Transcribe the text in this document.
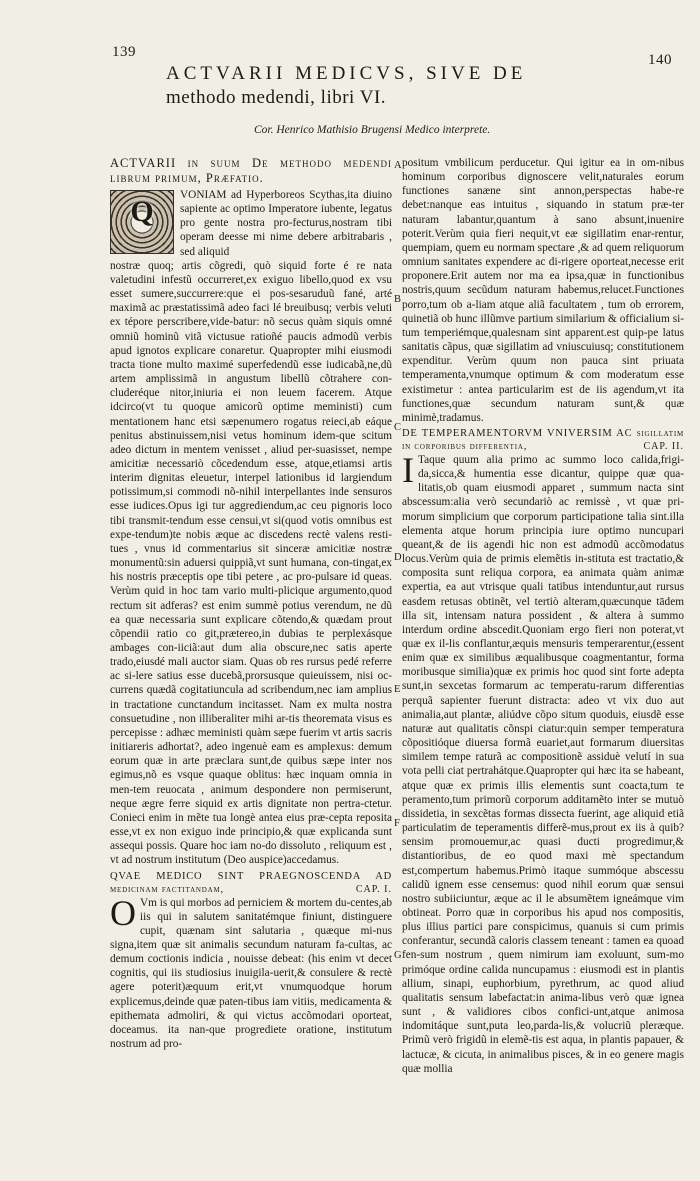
139	140
ACTVARII MEDICVS, SIVE DE
methodo medendi, libri VI.
Cor. Henrico Mathisio Brugensi Medico interprete.
ACTVARII in suum De methodo medendi librum primum, Præfatio.
Q	VONIAM ad Hyperboreos Scythas,ita diuino sapiente ac optimo Imperatore iubente, legatus pro gente nostra pro-fecturus,nostram tibi operam deesse mi nime debere arbitrabaris , sed aliquid

nostræ quoq; artis cõgredi, quò siquid forte é re nata valetudini infestũ occurreret,ex exiguo libello,quod ex vsu esset sumere,succurrere:que ei pos-sesaruduũ fané, arté maximã ac præstatissimã adeo faci lé breuibusq; verbis veluti ex tépore perscribere,vide-batur: nõ secus quàm siquis omné omniũ hominũ vitã victusue ratioñé paucis admodũ verbis apud ignotos explicare conaretur. Quapropter mihi eiusmodi tracta tione multo maximé superfedendũ esse iudicabã,ne,dũ artem amplissimã in angustum libellũ cõtrahere con-cluderéque nitor,iniuria ei non leuem facerem. Atque idcirco(vt tu quoque amicorũ optime meministi) cum mentationem hanc etsi sæpenumero rogatus reieci,ab eáque penitus abstinuissem,nisi vetus hominum idem-que scitum adeo dictum in mentem venisset , aliud per-suasisset, nempe amicitiæ necessariò cõcedendum esse, atque,etiamsi artis interim dignitas eleuetur, interpel lationibus id largiendum potissimum,si commodi nõ-nihil interpellantes inde sensuros esse iudices.Opus igi tur aggrediendum,ac ceu pignoris loco tibi transmit-tendum esse censui,vt si(quod votis omnibus est expe-tendum)te nobis æque ac discedens rectè valens resti-tues , vnus id commentarius sit sinceræ amicitiæ nostræ monumentũ:sin aduersi quippiã,vt sunt humana, con-tingat,ex his nostris præceptis ope tibi petere , ac pro-pulsare id queas. Verùm quid in hoc tam vario multi-plicique argumento,quod rectum sit adferas? est enim summè potius verendum, ne dũ ea quæ necessaria sunt explicare cõtendo,& quædam prout cõpendii ratio co git,prætereo,in dubias te perplexásque ambages con-iiciã:aut dum alia obscure,nec satis aperte trado,eiusdé mali auctor siam. Quas ob res rursus pedé referre ac si-lere satius esse ducebã,prorsusque quieuissem, nisi oc-currens quædã cogitatiuncula ad scribendum,nec iam amplius in tractatione cunctandum incitasset. Nam ex multa nostra consuetudine , non illiberaliter mihi ar-tis theoremata visus es percepisse : adhæc meministi quàm sæpe fuerim vt artis sacris initiareris adhortat?, adeo ingenuè eam es amplexus: demum eorum quæ in arte præclara sunt,de quibus sæpe inter nos egimus,nõ es vsque quaque oblitus: hæc inquam omnia in men-tem reuocata , animum despondere non permiserunt, neque ægre ferre siquid ex artis dignitate non pertra-ctetur. Conieci enim in mẽte tua longè antea eius præ-cepta reposita esse,vt ex non exiguo inde principio,& quæ explicanda sunt assequi possis. Quare hoc iam no-do dissoluto , reliquum est , vt ad nostrum institutum (Deo auspice)accedamus.

QVAE MEDICO SINT PRAEGNOSCENDA AD medicinam factitandam,	CAP. I.
O Vm is qui morbos ad perniciem & mortem du-centes,ab iis qui in salutem sanitatémque finiunt, distinguere cupit, quænam sint salutaria , quæque mi-nus signa,item quæ sit animalis secundum naturam fa-cultas, ac demum coctionis indicia , nouisse debeat: (his enim vt decet cognitis, qui iis studiosius inuigila-uerit,& consulere & rectè agere poterit)æquum erit,vt vnumquodque horum explicemus,deinde quæ paten-tibus iam vitiis, medicamenta & epithemata admoliri, & qui victus accõmodari oporteat, doceamus. ita nan-que progrediete oratione, institutum nostrum ad pro-

positum vmbilicum perducetur. Qui igitur ea in om-nibus hominum corporibus dignoscere velit,naturales eorum functiones sanæne sint annon,perspectas habe-re debet:nanque eas intuitus , siquando in statum præ-ter naturam labantur,quantum à sano absunt,inuenire poterit.Verùm quia fieri nequit,vt eæ sigillatim enar-rentur, quempiam, quem eu normam spectare ,& ad quem reliquorum omnium sanitates expendere ac di-rigere oporteat,necesse erit proponere.Erit autem nor ma ea ipsa,quæ in functionibus nostris,quum secũdum naturam habemus,relucet.Functiones porro,tum ob a-liam atque aliã facultatem , tum ob errorem, quinetiã ob hunc illũmve partium similarium & officialium si-tum temperiémque,qualesnam sint apparent.est quip-pe latus sanitatis cãpus, quæ sigillatim ad vniuscuiusq; constitutionem expenditur. Verùm quum non pauca sint priuata temperamenta,vnumque optimum & com moderatum esse existimetur : antea particularim est de iis agendum,vt ita functiones,quæ secundum naturam sunt,& quæ minimè,tradamus.

DE TEMPERAMENTORVM VNIVERSIM AC sigillatim in corporibus differentia,	CAP. II.
I Taque quum alia primo ac summo loco calida,frigi-da,sicca,& humentia esse dicantur, quippe quæ qua-litatis,ob quam eiusmodi apparet , summum nacta sint abscessum:alia verò secundariò ac remissè , vt quæ pri-morum simplicium que corporum participatione talia sint.illa elementa atque horum principia iure optimo nuncupari queant,& de iis agendi hic non est admodũ accõmodatus locus.Verùm quia de primis elemẽtis in-stituta est tractatio,& composita sunt reliqua corpora, ea animata quàm animæ expertia, ea aut vtrisque quali tatibus intenduntur,aut rursus easdem retusas obtinẽt, vel tertiò alteram,quæcunque tādem illa sit, intensam natura possident , & altera à summo interdum ordine abscedit.Quoniam ergo fieri non poterat,vt quæ ex il-lis conflantur,æquis mensuris temperarentur,(essent enim quæ ex similibus æqualibusque coagmentantur, forma moribusque similia)quæ ex primis hoc quod sint forte adepta sunt,in sexcetas formarum ac temperatu-rarum differentias perquã sapienter fuerunt distracta: adeo vt vix duo aut animalia,aut plantæ, aliúdve cõpo situm quoduis, eiusdẽ esse naturæ aut qualitatis cõnspi ciatur:quin semper temperatura cõpositióque diuersa formã euariet,aut formarum diuersitas similem tempe raturã ac compositionẽ assiduè velutí in sua vota pelli ciat pertrahátque.Quapropter qui hæc ita se habeant, atque quæ ex primis illis elementis sunt coacta,tum te peramento,tum primorũ corporum additamẽto inter se mutuò dissidetia, in sexcẽtas formas dissecta fuerint, age aliquid etiã particulatim de teperamentis differẽ-mus,prout ex iis à quib? sensim promouemur,ac quasi ducti progredimur,& distantioribus, de eo quod maxi mè spectandum est,compertum habemus.Primò itaque summóque abscessu calidũ ignem esse censemus: quod nihil eorum quæ sensui nostro subiiciuntur, æque ac il le absumẽtem igneámque vim obtineat. Porro quæ in corporibus his apud nos compositis, plus illius partici pare conspicimus, quanuis si cum primis conferantur, secundã caloris classem teneant : tamen ea quoad fen-sum nostrum , quem nimirum iam exoluunt, sum-mo primóque ordine calida nuncupamus : eiusmodi est in plantis allium, sinapi, euphorbium, pyrethrum, ac quod aliud qualitatis sensum labefactat:in anima-libus verò quæ ignea sunt , & validiores cibos confici-unt,atque animosa indomitáque sunt,puta leo,parda-lis,& volucriũ pleræque. Primũ verò frigidũ in elemẽ-tis est aqua, in plantis papauer, & lactucæ, & cicuta, in animalibus pisces, & in eo genere magis quæ mollia

A
B
C
D
E
F
G
